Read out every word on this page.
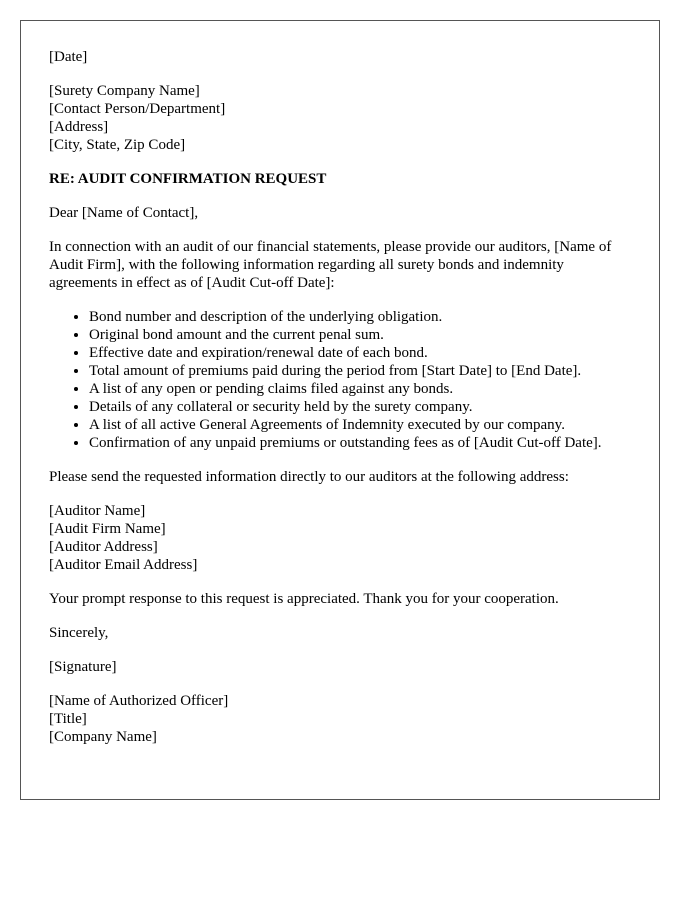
[Date]
[Surety Company Name]
[Contact Person/Department]
[Address]
[City, State, Zip Code]
RE: AUDIT CONFIRMATION REQUEST
Dear [Name of Contact],

In connection with an audit of our financial statements, please provide our auditors, [Name of Audit Firm], with the following information regarding all surety bonds and indemnity agreements in effect as of [Audit Cut-off Date]:

• Bond number and description of the underlying obligation.
• Original bond amount and the current penal sum.
• Effective date and expiration/renewal date of each bond.
• Total amount of premiums paid during the period from [Start Date] to [End Date].
• A list of any open or pending claims filed against any bonds.
• Details of any collateral or security held by the surety company.
• A list of all active General Agreements of Indemnity executed by our company.
• Confirmation of any unpaid premiums or outstanding fees as of [Audit Cut-off Date].

Please send the requested information directly to our auditors at the following address:

[Auditor Name]
[Audit Firm Name]
[Auditor Address]
[Auditor Email Address]

Your prompt response to this request is appreciated. Thank you for your cooperation.

Sincerely,
[Signature]
[Name of Authorized Officer]
[Title]
[Company Name]
